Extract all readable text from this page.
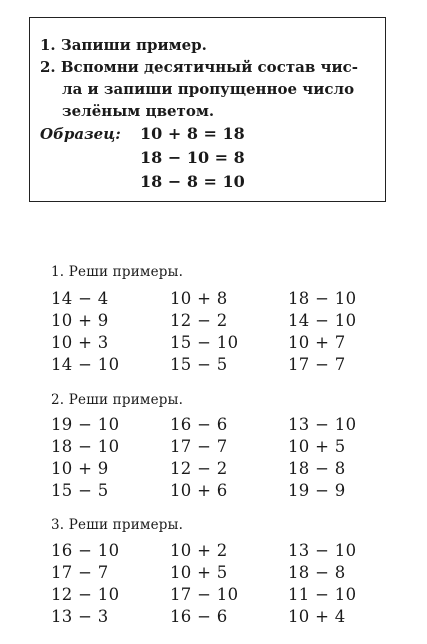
1. Запиши пример.
2. Вспомни десятичный состав чис-
ла и запиши пропущенное число
зелёным цветом.
Образец: 10 + 8 = 18
18 − 10 = 8
18 − 8 = 10
1. Реши примеры.
14 − 4	10 + 8	18 − 10
10 + 9	12 − 2	14 − 10
10 + 3	15 − 10	10 + 7
14 − 10	15 − 5	17 − 7
2. Реши примеры.
19 − 10	16 − 6	13 − 10
18 − 10	17 − 7	10 + 5
10 + 9	12 − 2	18 − 8
15 − 5	10 + 6	19 − 9
3. Реши примеры.
16 − 10	10 + 2	13 − 10
17 − 7	10 + 5	18 − 8
12 − 10	17 − 10	11 − 10
13 − 3	16 − 6	10 + 4
